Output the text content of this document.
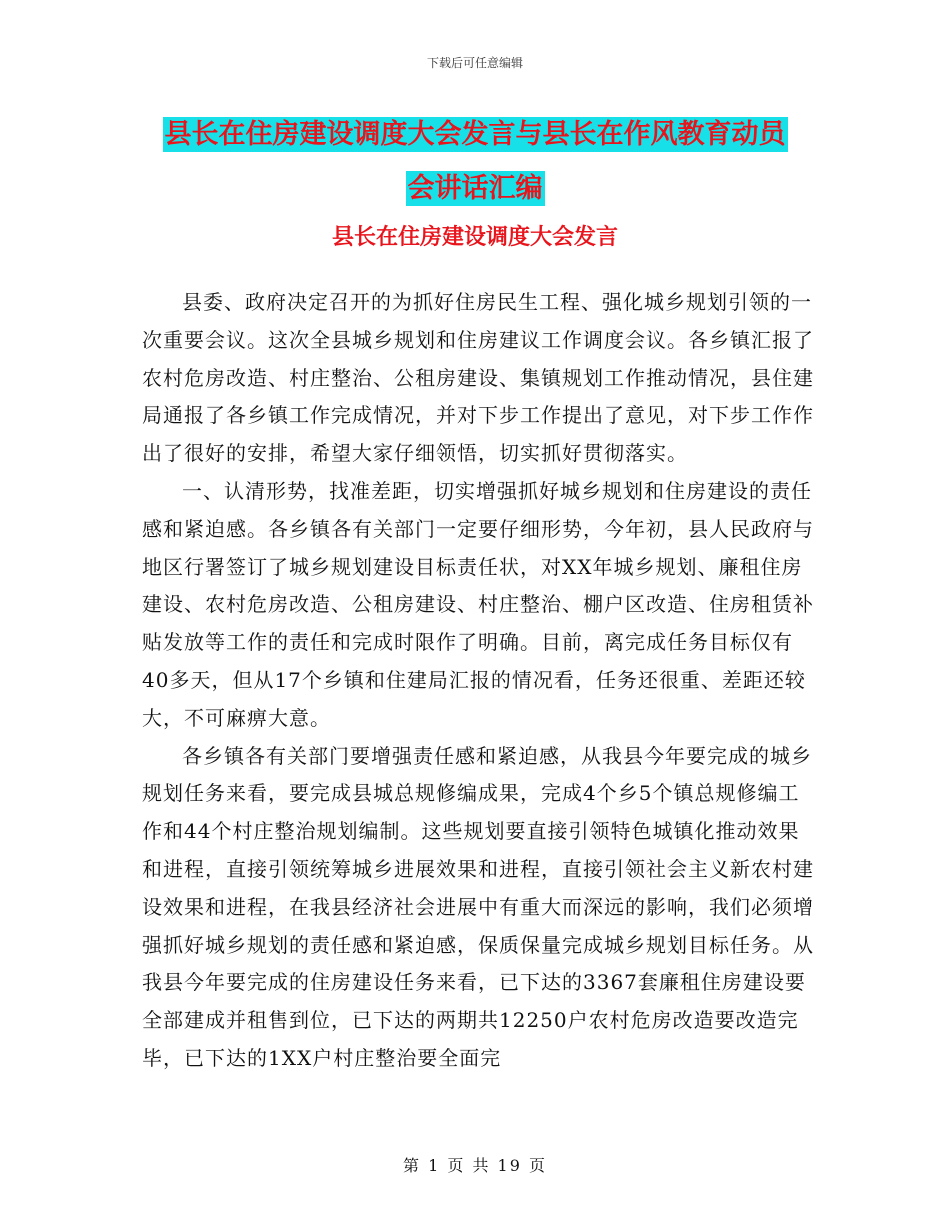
下载后可任意编辑
县长在住房建设调度大会发言与县长在作风教育动员
会讲话汇编
县长在住房建设调度大会发言

县委、政府决定召开的为抓好住房民生工程、强化城乡规划引领的一次重要会议。这次全县城乡规划和住房建议工作调度会议。各乡镇汇报了农村危房改造、村庄整治、公租房建设、集镇规划工作推动情况，县住建局通报了各乡镇工作完成情况，并对下步工作提出了意见，对下步工作作出了很好的安排，希望大家仔细领悟，切实抓好贯彻落实。

一、认清形势，找准差距，切实增强抓好城乡规划和住房建设的责任感和紧迫感。各乡镇各有关部门一定要仔细形势，今年初，县人民政府与地区行署签订了城乡规划建设目标责任状，对XX年城乡规划、廉租住房建设、农村危房改造、公租房建设、村庄整治、棚户区改造、住房租赁补贴发放等工作的责任和完成时限作了明确。目前，离完成任务目标仅有40多天，但从17个乡镇和住建局汇报的情况看，任务还很重、差距还较大，不可麻痹大意。

各乡镇各有关部门要增强责任感和紧迫感，从我县今年要完成的城乡规划任务来看，要完成县城总规修编成果，完成4个乡5个镇总规修编工作和44个村庄整治规划编制。这些规划要直接引领特色城镇化推动效果和进程，直接引领统筹城乡进展效果和进程，直接引领社会主义新农村建设效果和进程，在我县经济社会进展中有重大而深远的影响，我们必须增强抓好城乡规划的责任感和紧迫感，保质保量完成城乡规划目标任务。从我县今年要完成的住房建设任务来看，已下达的3367套廉租住房建设要全部建成并租售到位，已下达的两期共12250户农村危房改造要改造完毕，已下达的1XX户村庄整治要全面完

第 1 页 共 19 页
